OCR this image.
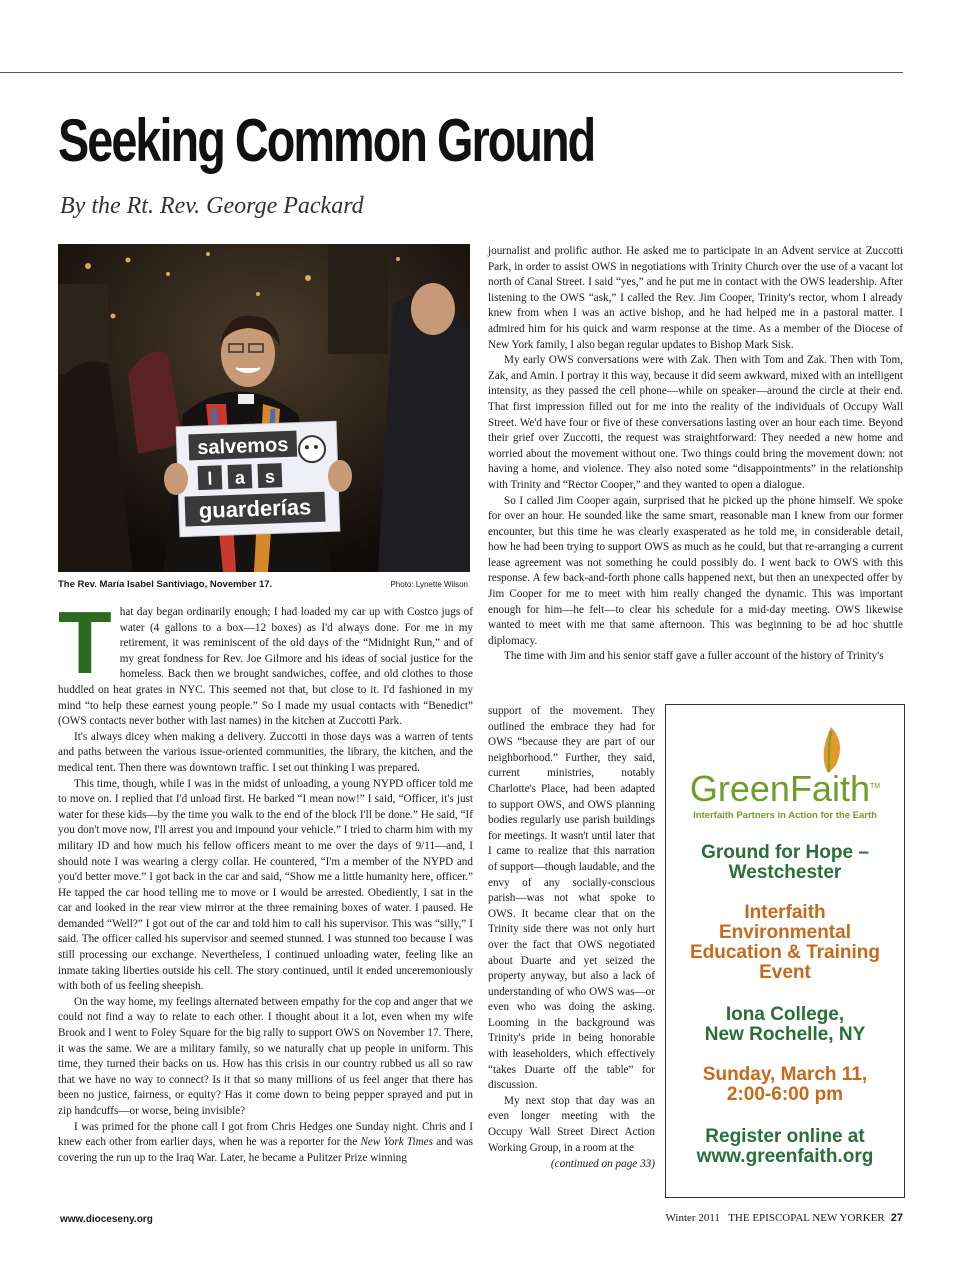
Seeking Common Ground
By the Rt. Rev. George Packard
salvemos
l a s
guarderías
The Rev. María Isabel Santiviago, November 17.	Photo: Lynette Wilson

That day began ordinarily enough; I had loaded my car up with Costco jugs of water (4 gallons to a box—12 boxes) as I'd always done. For me in my retirement, it was reminiscent of the old days of the “Midnight Run,” and of my great fondness for Rev. Joe Gilmore and his ideas of social justice for the homeless. Back then we brought sandwiches, coffee, and old clothes to those huddled on heat grates in NYC. This seemed not that, but close to it. I'd fashioned in my mind “to help these earnest young people.” So I made my usual contacts with “Benedict” (OWS contacts never bother with last names) in the kitchen at Zuccotti Park.

It's always dicey when making a delivery. Zuccotti in those days was a warren of tents and paths between the various issue-oriented communities, the library, the kitchen, and the medical tent. Then there was downtown traffic. I set out thinking I was prepared.

This time, though, while I was in the midst of unloading, a young NYPD officer told me to move on. I replied that I'd unload first. He barked “I mean now!” I said, “Officer, it's just water for these kids—by the time you walk to the end of the block I'll be done.” He said, “If you don't move now, I'll arrest you and impound your vehicle.” I tried to charm him with my military ID and how much his fellow officers meant to me over the days of 9/11—and, I should note I was wearing a clergy collar. He countered, “I'm a member of the NYPD and you'd better move.” I got back in the car and said, “Show me a little humanity here, officer.” He tapped the car hood telling me to move or I would be arrested. Obediently, I sat in the car and looked in the rear view mirror at the three remaining boxes of water. I paused. He demanded “Well?” I got out of the car and told him to call his supervisor. This was “silly,” I said. The officer called his supervisor and seemed stunned. I was stunned too because I was still processing our exchange. Nevertheless, I continued unloading water, feeling like an inmate taking liberties outside his cell. The story continued, until it ended unceremoniously with both of us feeling sheepish.

On the way home, my feelings alternated between empathy for the cop and anger that we could not find a way to relate to each other. I thought about it a lot, even when my wife Brook and I went to Foley Square for the big rally to support OWS on November 17. There, it was the same. We are a military family, so we naturally chat up people in uniform. This time, they turned their backs on us. How has this crisis in our country rubbed us all so raw that we have no way to connect? Is it that so many millions of us feel anger that there has been no justice, fairness, or equity? Has it come down to being pepper sprayed and put in zip handcuffs—or worse, being invisible?

I was primed for the phone call I got from Chris Hedges one Sunday night. Chris and I knew each other from earlier days, when he was a reporter for the New York Times and was covering the run up to the Iraq War. Later, he became a Pulitzer Prize winning

journalist and prolific author. He asked me to participate in an Advent service at Zuccotti Park, in order to assist OWS in negotiations with Trinity Church over the use of a vacant lot north of Canal Street. I said “yes,” and he put me in contact with the OWS leadership. After listening to the OWS “ask,” I called the Rev. Jim Cooper, Trinity's rector, whom I already knew from when I was an active bishop, and he had helped me in a pastoral matter. I admired him for his quick and warm response at the time. As a member of the Diocese of New York family, I also began regular updates to Bishop Mark Sisk.

My early OWS conversations were with Zak. Then with Tom and Zak. Then with Tom, Zak, and Amin. I portray it this way, because it did seem awkward, mixed with an intelligent intensity, as they passed the cell phone—while on speaker—around the circle at their end. That first impression filled out for me into the reality of the individuals of Occupy Wall Street. We'd have four or five of these conversations lasting over an hour each time. Beyond their grief over Zuccotti, the request was straightforward: They needed a new home and worried about the movement without one. Two things could bring the movement down: not having a home, and violence. They also noted some “disappointments” in the relationship with Trinity and “Rector Cooper,” and they wanted to open a dialogue.

So I called Jim Cooper again, surprised that he picked up the phone himself. We spoke for over an hour. He sounded like the same smart, reasonable man I knew from our former encounter, but this time he was clearly exasperated as he told me, in considerable detail, how he had been trying to support OWS as much as he could, but that re-arranging a current lease agreement was not something he could possibly do. I went back to OWS with this response. A few back-and-forth phone calls happened next, but then an unexpected offer by Jim Cooper for me to meet with him really changed the dynamic. This was important enough for him—he felt—to clear his schedule for a mid-day meeting. OWS likewise wanted to meet with me that same afternoon. This was beginning to be ad hoc shuttle diplomacy.

The time with Jim and his senior staff gave a fuller account of the history of Trinity's

support of the movement. They outlined the embrace they had for OWS “because they are part of our neighborhood.” Further, they said, current ministries, notably Charlotte's Place, had been adapted to support OWS, and OWS planning bodies regularly use parish buildings for meetings. It wasn't until later that I came to realize that this narration of support—though laudable, and the envy of any socially-conscious parish—was not what spoke to OWS. It became clear that on the Trinity side there was not only hurt over the fact that OWS negotiated about Duarte and yet seized the property anyway, but also a lack of understanding of who OWS was—or even who was doing the asking. Looming in the background was Trinity's pride in being honorable with leaseholders, which effectively “takes Duarte off the table” for discussion.

My next stop that day was an even longer meeting with the Occupy Wall Street Direct Action Working Group, in a room at the

(continued on page 33)
GreenFaith™
Interfaith Partners in Action for the Earth

Ground for Hope –

Westchester

Interfaith

Environmental

Education & Training

Event

Iona College,

New Rochelle, NY

Sunday, March 11,

2:00-6:00 pm

Register online at

www.greenfaith.org

www.dioceseny.org	Winter 2011 THE EPISCOPAL NEW YORKER 27
